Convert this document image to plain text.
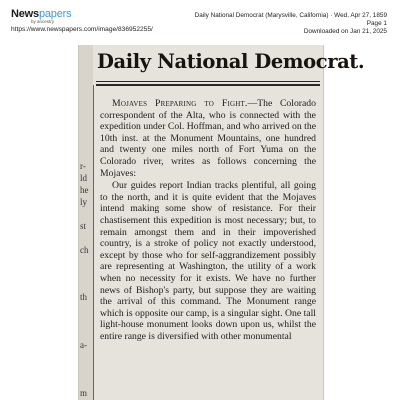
Newspapers
by ancestry
https://www.newspapers.com/image/836952255/
Daily National Democrat (Marysville, California) · Wed, Apr 27, 1859
Page 1
Downloaded on Jan 21, 2025
r-
ld
he
ly
st
ch
th
a-
m
Daily National Democrat.

Mojaves Preparing to Fight.—The Colorado correspondent of the Alta, who is connected with the expedition under Col. Hoffman, and who arrived on the 10th inst. at the Monument Mountains, one hundred and twenty one miles north of Fort Yuma on the Colorado river, writes as follows concerning the Mojaves:

Our guides report Indian tracks plentiful, all going to the north, and it is quite evident that the Mojaves intend making some show of resistance. For their chastisement this expedition is most necessary; but, to remain amongst them and in their impoverished country, is a stroke of policy not exactly understood, except by those who for self-aggrandizement possibly are representing at Washington, the utility of a work when no necessity for it exists. We have no further news of Bishop's party, but suppose they are waiting the arrival of this command. The Monument range which is opposite our camp, is a singular sight. One tall light-house monument looks down upon us, whilst the entire range is diversified with other monumental
